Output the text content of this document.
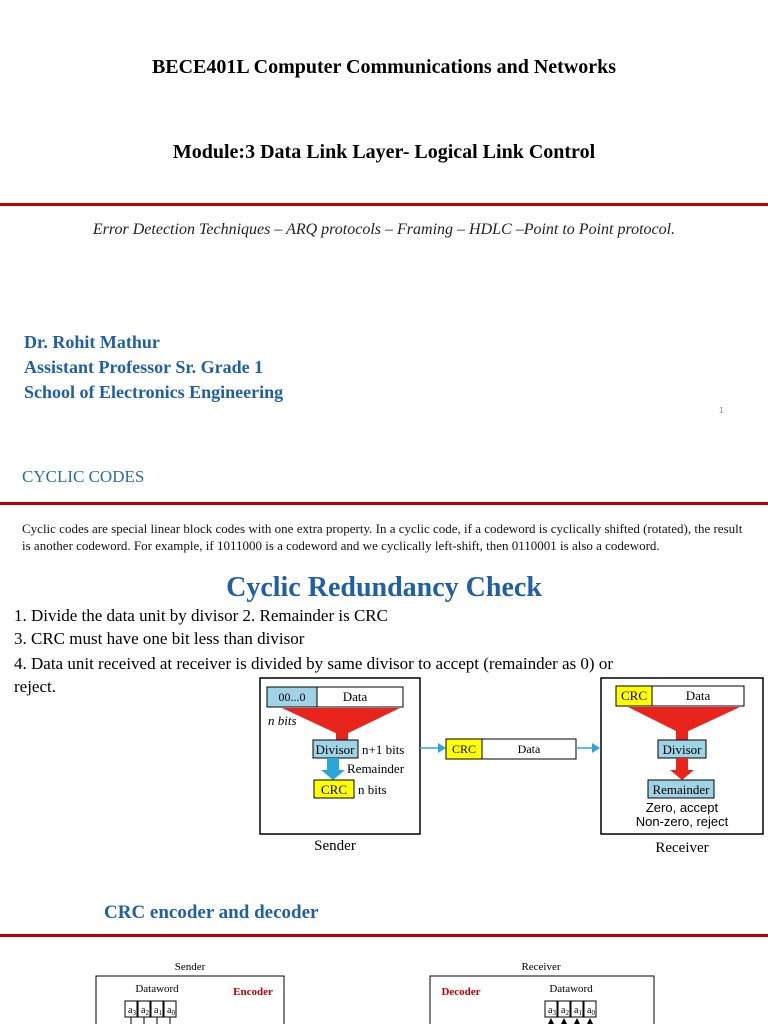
BECE401L Computer Communications and Networks
Module:3 Data Link Layer- Logical Link Control
Error Detection Techniques – ARQ protocols – Framing – HDLC –Point to Point protocol.
Dr. Rohit Mathur
Assistant Professor Sr. Grade 1
School of Electronics Engineering
1
CYCLIC CODES
Cyclic codes are special linear block codes with one extra property. In a cyclic code, if a codeword is cyclically shifted (rotated), the result is another codeword. For example, if 1011000 is a codeword and we cyclically left-shift, then 0110001 is also a codeword.
Cyclic Redundancy Check
1. Divide the data unit by divisor 2. Remainder is CRC
3. CRC must have one bit less than divisor
4. Data unit received at receiver is divided by same divisor to accept (remainder as 0) or
reject.
00...0	Data
n bits
Divisor n+1 bits
Remainder
CRC n bits
CRC	Data
CRC	Data
Divisor
Remainder
Zero, accept
Non-zero, reject
Sender	Receiver
CRC encoder and decoder
Sender
Dataword	Encoder
$a_3$ $a_2$ $a_1$ $a_0$
Receiver
Decoder	Dataword
$a_3$ $a_2$ $a_1$ $a_0$
